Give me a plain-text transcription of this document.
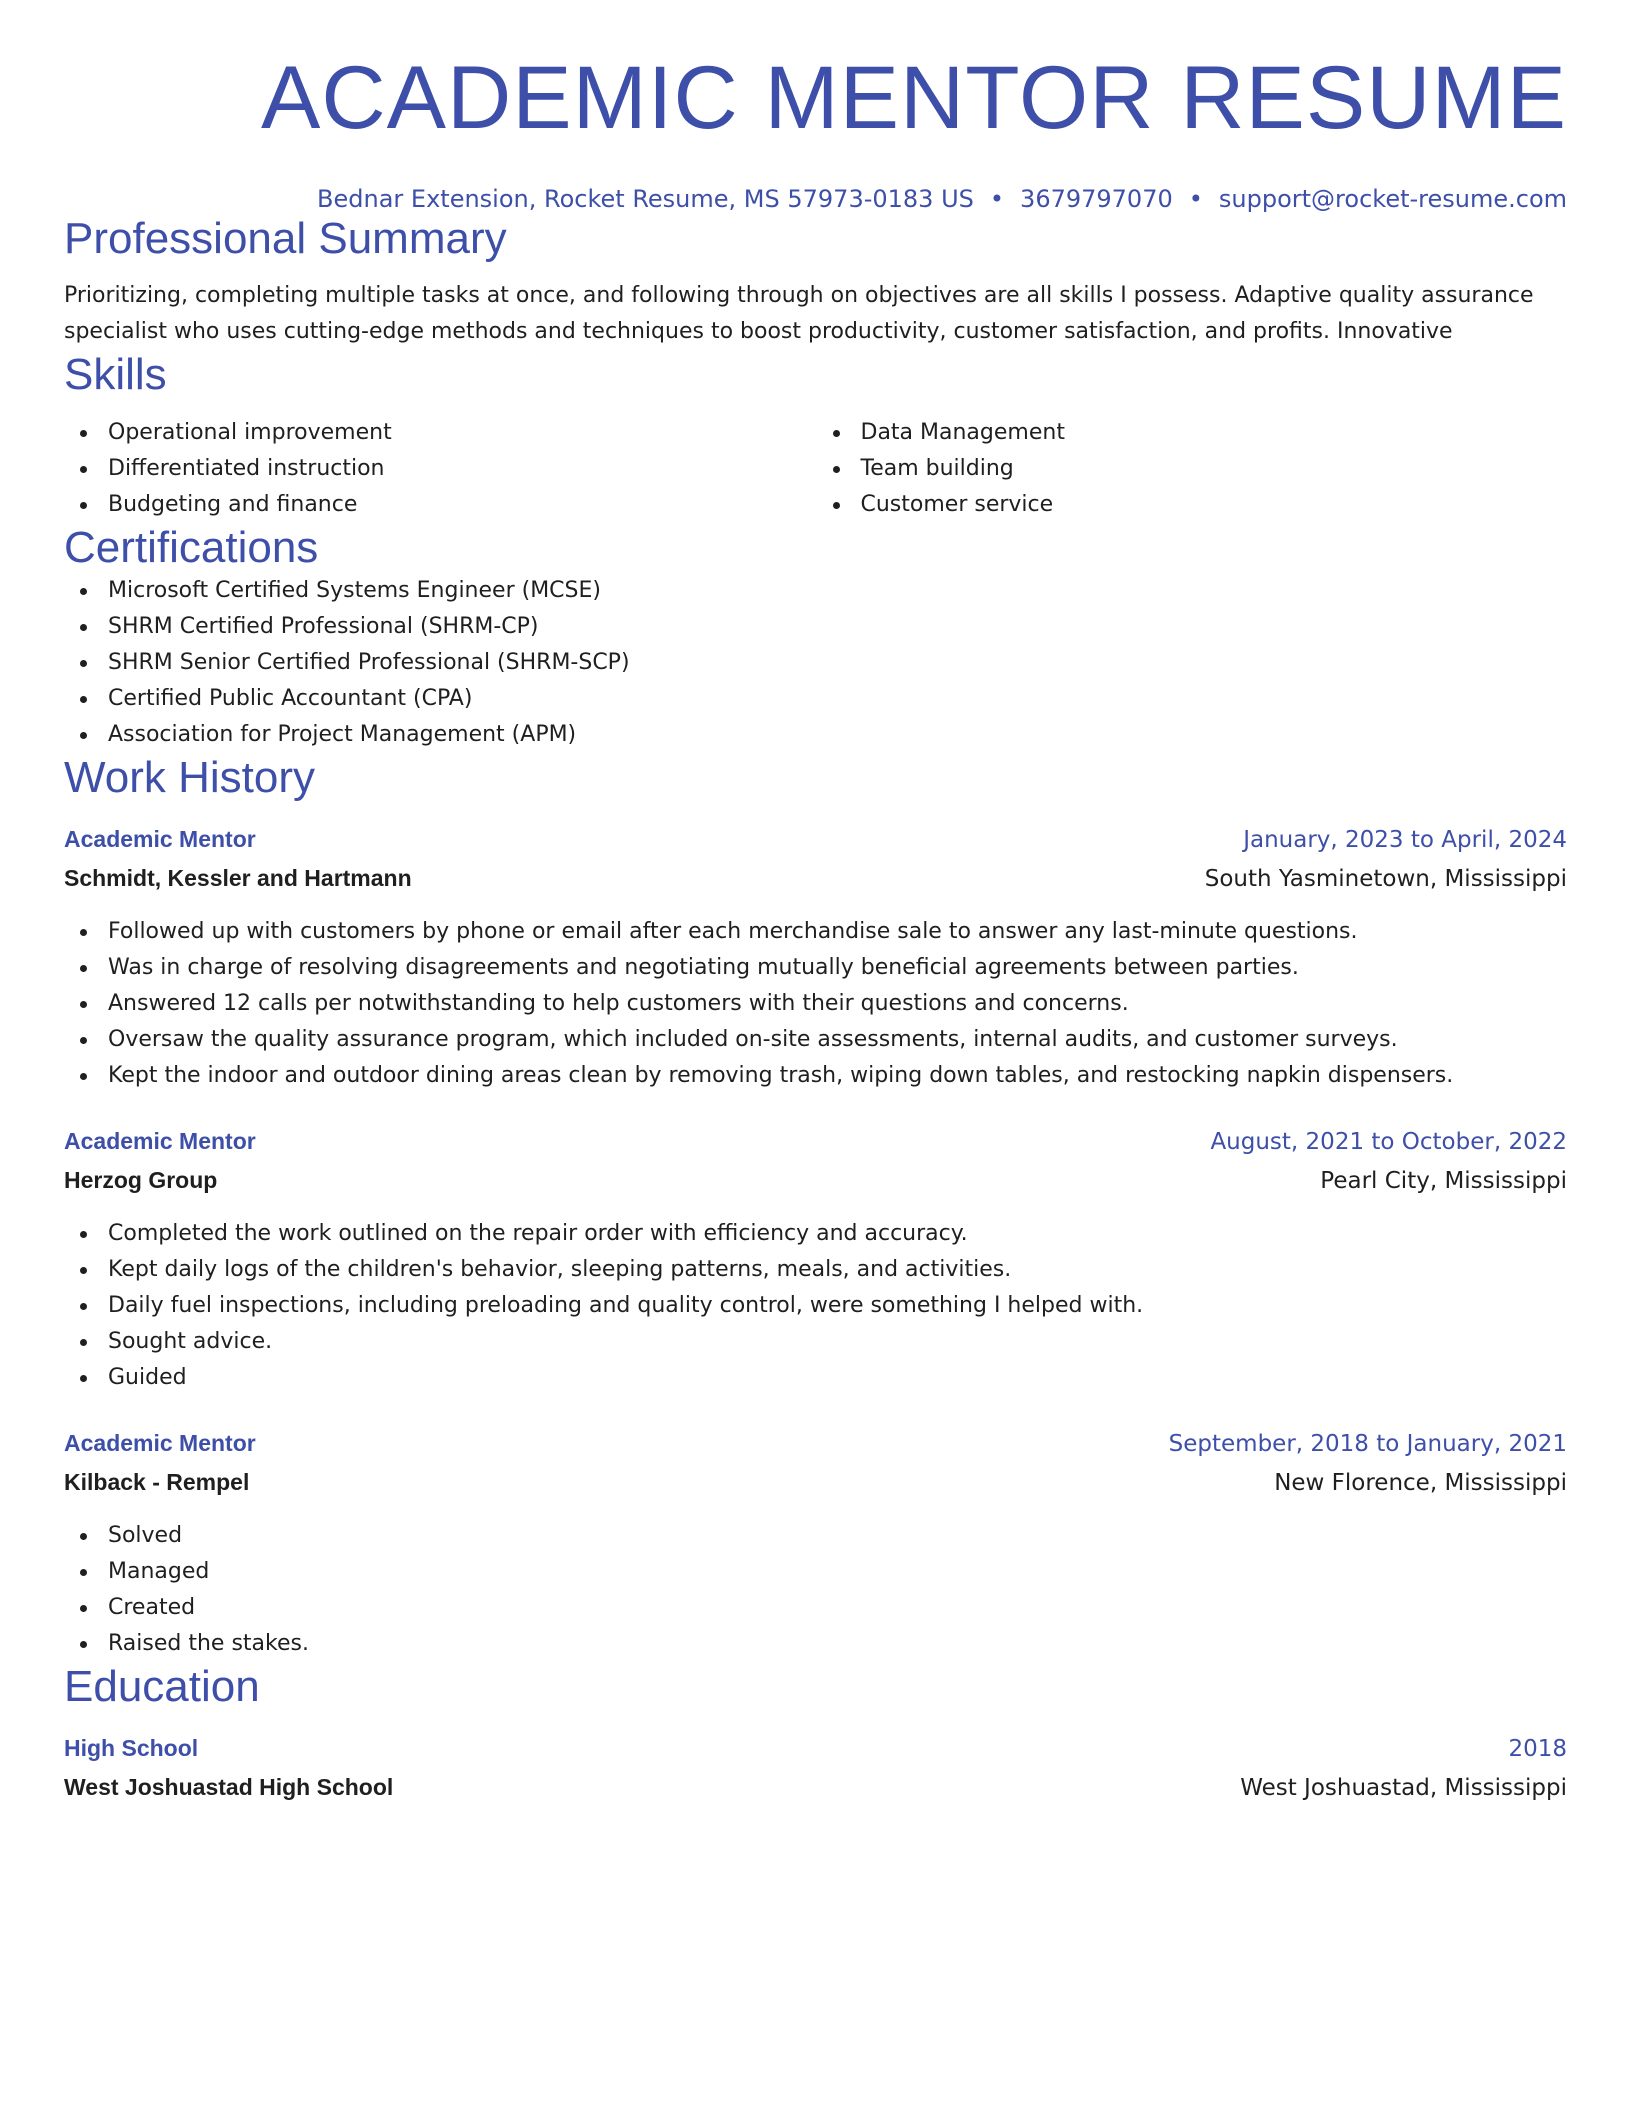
ACADEMIC MENTOR RESUME
Bednar Extension, Rocket Resume, MS 57973-0183 US • 3679797070 • support@rocket-resume.com
Professional Summary
Prioritizing, completing multiple tasks at once, and following through on objectives are all skills I possess. Adaptive quality assurance specialist who uses cutting-edge methods and techniques to boost productivity, customer satisfaction, and profits. Innovative
Skills
Operational improvement
Differentiated instruction
Budgeting and finance
Data Management
Team building
Customer service
Certifications
Microsoft Certified Systems Engineer (MCSE)
SHRM Certified Professional (SHRM-CP)
SHRM Senior Certified Professional (SHRM-SCP)
Certified Public Accountant (CPA)
Association for Project Management (APM)
Work History
Academic Mentor	January, 2023 to April, 2024
Schmidt, Kessler and Hartmann	South Yasminetown, Mississippi
Followed up with customers by phone or email after each merchandise sale to answer any last-minute questions.
Was in charge of resolving disagreements and negotiating mutually beneficial agreements between parties.
Answered 12 calls per notwithstanding to help customers with their questions and concerns.
Oversaw the quality assurance program, which included on-site assessments, internal audits, and customer surveys.
Kept the indoor and outdoor dining areas clean by removing trash, wiping down tables, and restocking napkin dispensers.
Academic Mentor	August, 2021 to October, 2022
Herzog Group	Pearl City, Mississippi
Completed the work outlined on the repair order with efficiency and accuracy.
Kept daily logs of the children's behavior, sleeping patterns, meals, and activities.
Daily fuel inspections, including preloading and quality control, were something I helped with.
Sought advice.
Guided
Academic Mentor	September, 2018 to January, 2021
Kilback - Rempel	New Florence, Mississippi
Solved
Managed
Created
Raised the stakes.
Education
High School	2018
West Joshuastad High School	West Joshuastad, Mississippi
